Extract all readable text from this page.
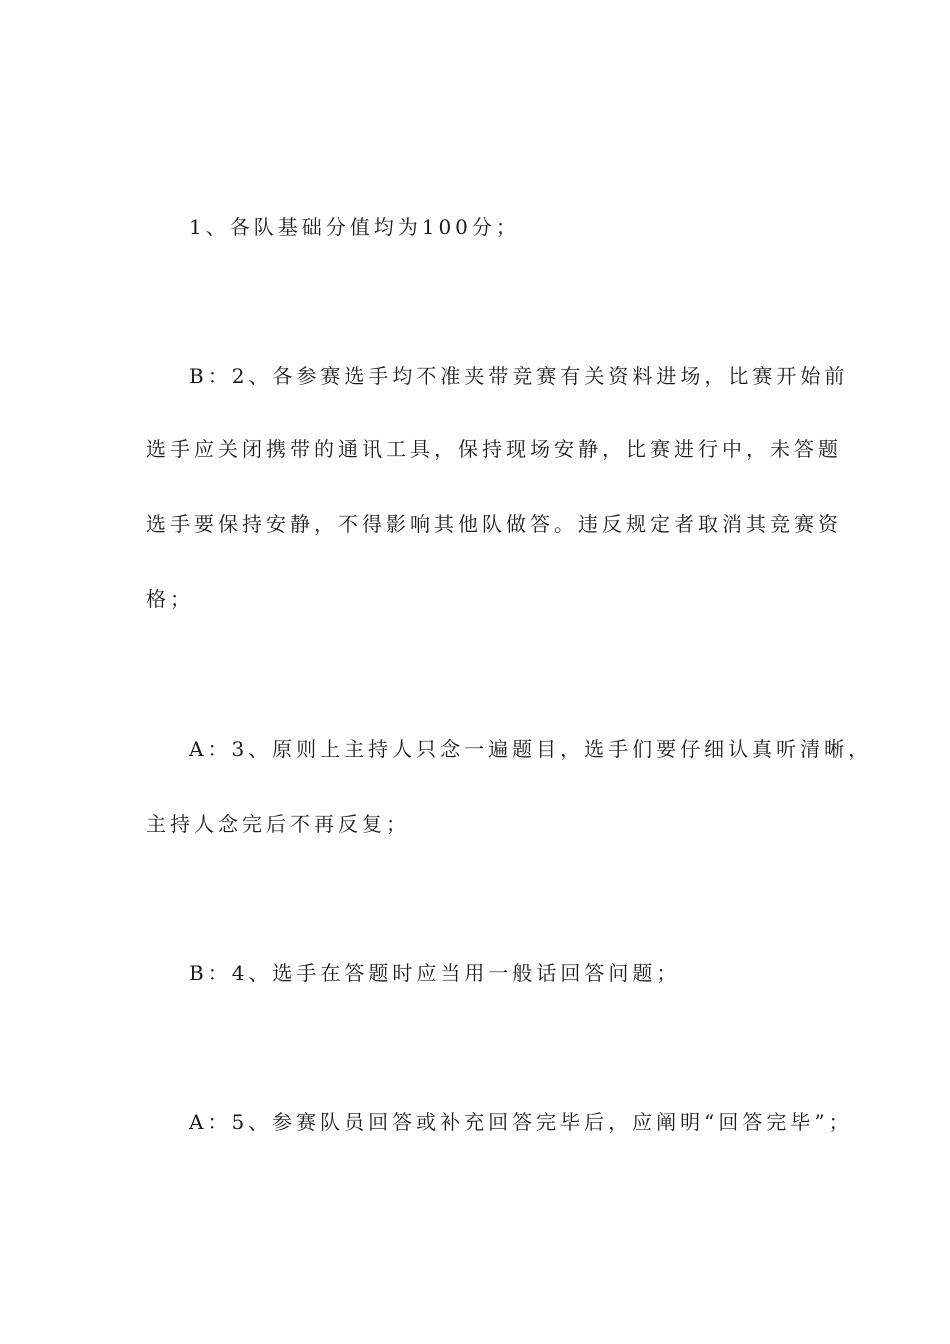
1、各队基础分值均为100分；
B：2、各参赛选手均不准夹带竞赛有关资料进场，比赛开始前
选手应关闭携带的通讯工具，保持现场安静，比赛进行中，未答题
选手要保持安静，不得影响其他队做答。违反规定者取消其竞赛资
格；
A：3、原则上主持人只念一遍题目，选手们要仔细认真听清晰，
主持人念完后不再反复；
B：4、选手在答题时应当用一般话回答问题；
A：5、参赛队员回答或补充回答完毕后，应阐明“回答完毕”；
